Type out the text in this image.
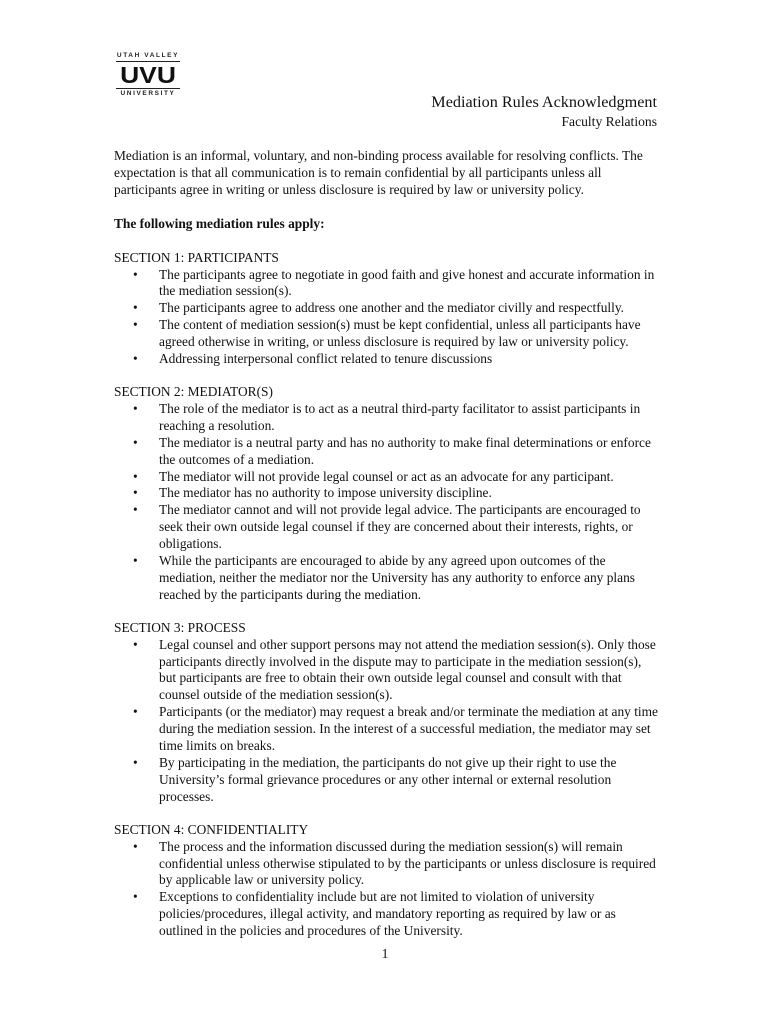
UTAH VALLEY
UVU
UNIVERSITY	Mediation Rules Acknowledgment
Faculty Relations

Mediation is an informal, voluntary, and non-binding process available for resolving conflicts. The expectation is that all communication is to remain confidential by all participants unless all participants agree in writing or unless disclosure is required by law or university policy.

The following mediation rules apply:

SECTION 1: PARTICIPANTS

• The participants agree to negotiate in good faith and give honest and accurate information in the mediation session(s).
• The participants agree to address one another and the mediator civilly and respectfully.
• The content of mediation session(s) must be kept confidential, unless all participants have agreed otherwise in writing, or unless disclosure is required by law or university policy.
• Addressing interpersonal conflict related to tenure discussions

SECTION 2: MEDIATOR(S)

• The role of the mediator is to act as a neutral third-party facilitator to assist participants in reaching a resolution.
• The mediator is a neutral party and has no authority to make final determinations or enforce the outcomes of a mediation.
• The mediator will not provide legal counsel or act as an advocate for any participant.
• The mediator has no authority to impose university discipline.
• The mediator cannot and will not provide legal advice. The participants are encouraged to seek their own outside legal counsel if they are concerned about their interests, rights, or obligations.
• While the participants are encouraged to abide by any agreed upon outcomes of the mediation, neither the mediator nor the University has any authority to enforce any plans reached by the participants during the mediation.

SECTION 3: PROCESS

• Legal counsel and other support persons may not attend the mediation session(s). Only those participants directly involved in the dispute may to participate in the mediation session(s), but participants are free to obtain their own outside legal counsel and consult with that counsel outside of the mediation session(s).
• Participants (or the mediator) may request a break and/or terminate the mediation at any time during the mediation session. In the interest of a successful mediation, the mediator may set time limits on breaks.
• By participating in the mediation, the participants do not give up their right to use the University’s formal grievance procedures or any other internal or external resolution processes.

SECTION 4: CONFIDENTIALITY

• The process and the information discussed during the mediation session(s) will remain confidential unless otherwise stipulated to by the participants or unless disclosure is required by applicable law or university policy.
• Exceptions to confidentiality include but are not limited to violation of university policies/procedures, illegal activity, and mandatory reporting as required by law or as outlined in the policies and procedures of the University.
1
